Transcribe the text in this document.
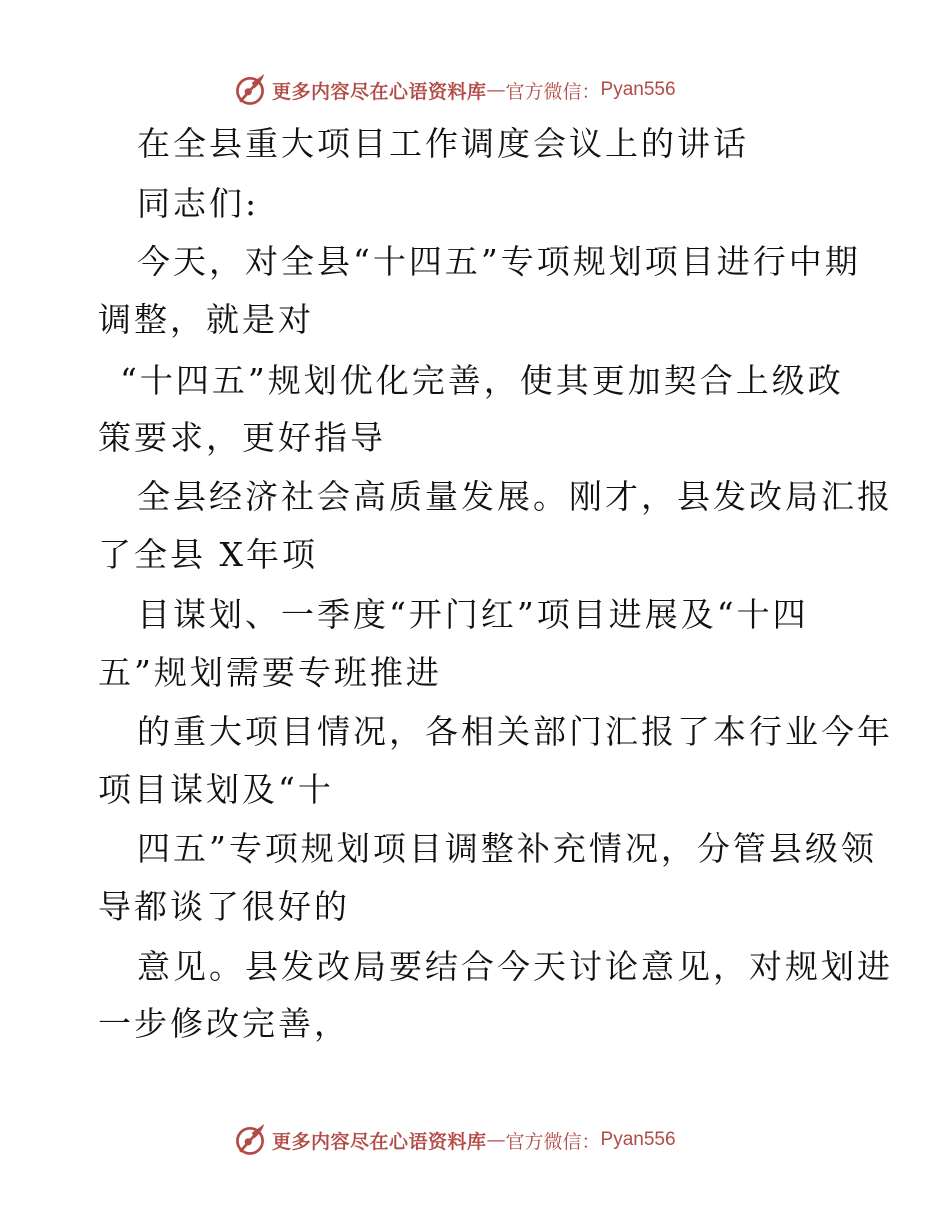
更多内容尽在心语资料库 — 官方微信： Pyan556
在全县重大项目工作调度会议上的讲话
同志们:
今天，对全县“十四五”专项规划项目进行中期
调整，就是对
“十四五”规划优化完善，使其更加契合上级政
策要求，更好指导
全县经济社会高质量发展。刚才，县发改局汇报
了全县 X年项
目谋划、一季度“开门红”项目进展及“十四
五”规划需要专班推进
的重大项目情况，各相关部门汇报了本行业今年
项目谋划及“十
四五”专项规划项目调整补充情况，分管县级领
导都谈了很好的
意见。县发改局要结合今天讨论意见，对规划进
一步修改完善，
更多内容尽在心语资料库 — 官方微信： Pyan556
